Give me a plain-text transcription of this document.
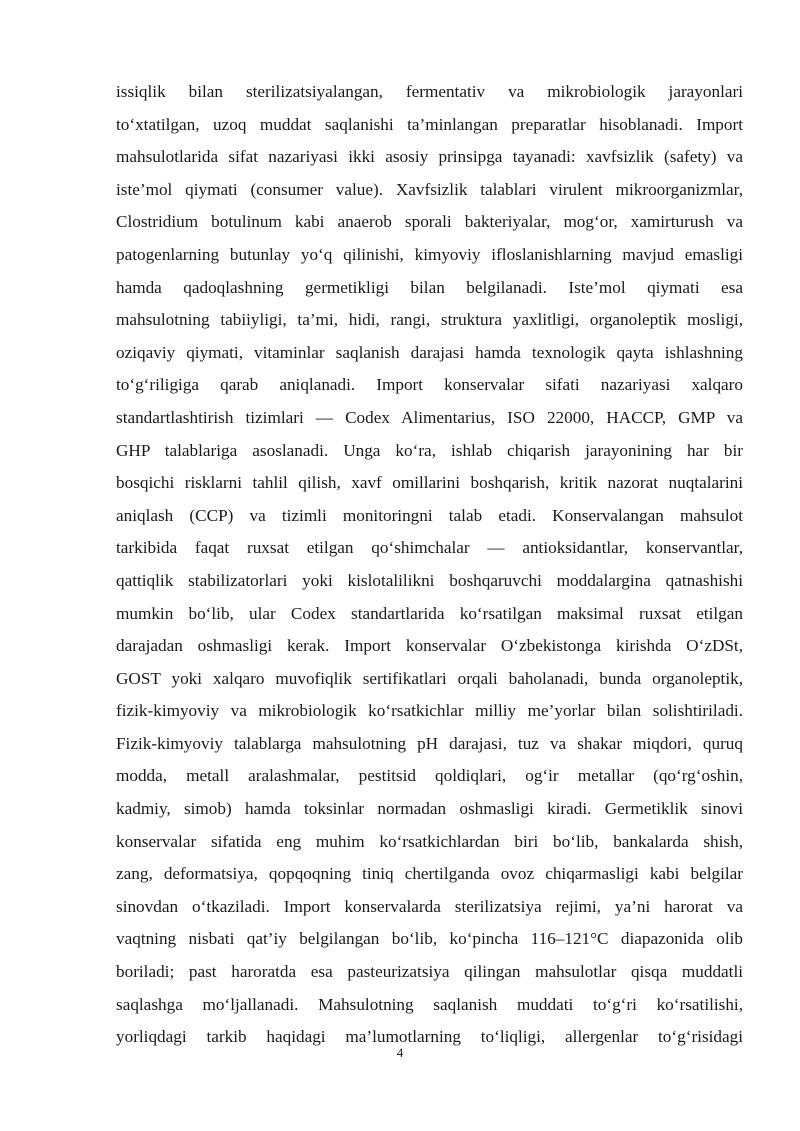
issiqlik bilan sterilizatsiyalangan, fermentativ va mikrobiologik jarayonlari
to‘xtatilgan, uzoq muddat saqlanishi ta’minlangan preparatlar hisoblanadi. Import
mahsulotlarida sifat nazariyasi ikki asosiy prinsipga tayanadi: xavfsizlik (safety) va
iste’mol qiymati (consumer value). Xavfsizlik talablari virulent mikroorganizmlar,
Clostridium botulinum kabi anaerob sporali bakteriyalar, mog‘or, xamirturush va
patogenlarning butunlay yo‘q qilinishi, kimyoviy ifloslanishlarning mavjud emasligi
hamda qadoqlashning germetikligi bilan belgilanadi. Iste’mol qiymati esa
mahsulotning tabiiyligi, ta’mi, hidi, rangi, struktura yaxlitligi, organoleptik mosligi,
oziqaviy qiymati, vitaminlar saqlanish darajasi hamda texnologik qayta ishlashning
to‘g‘riligiga qarab aniqlanadi. Import konservalar sifati nazariyasi xalqaro
standartlashtirish tizimlari — Codex Alimentarius, ISO 22000, HACCP, GMP va
GHP talablariga asoslanadi. Unga ko‘ra, ishlab chiqarish jarayonining har bir
bosqichi risklarni tahlil qilish, xavf omillarini boshqarish, kritik nazorat nuqtalarini
aniqlash (CCP) va tizimli monitoringni talab etadi. Konservalangan mahsulot
tarkibida faqat ruxsat etilgan qo‘shimchalar — antioksidantlar, konservantlar,
qattiqlik stabilizatorlari yoki kislotalilikni boshqaruvchi moddalargina qatnashishi
mumkin bo‘lib, ular Codex standartlarida ko‘rsatilgan maksimal ruxsat etilgan
darajadan oshmasligi kerak. Import konservalar O‘zbekistonga kirishda O‘zDSt,
GOST yoki xalqaro muvofiqlik sertifikatlari orqali baholanadi, bunda organoleptik,
fizik-kimyoviy va mikrobiologik ko‘rsatkichlar milliy me’yorlar bilan solishtiriladi.
Fizik-kimyoviy talablarga mahsulotning pH darajasi, tuz va shakar miqdori, quruq
modda, metall aralashmalar, pestitsid qoldiqlari, og‘ir metallar (qo‘rg‘oshin,
kadmiy, simob) hamda toksinlar normadan oshmasligi kiradi. Germetiklik sinovi
konservalar sifatida eng muhim ko‘rsatkichlardan biri bo‘lib, bankalarda shish,
zang, deformatsiya, qopqoqning tiniq chertilganda ovoz chiqarmasligi kabi belgilar
sinovdan o‘tkaziladi. Import konservalarda sterilizatsiya rejimi, ya’ni harorat va
vaqtning nisbati qat’iy belgilangan bo‘lib, ko‘pincha 116–121°C diapazonida olib
boriladi; past haroratda esa pasteurizatsiya qilingan mahsulotlar qisqa muddatli
saqlashga mo‘ljallanadi. Mahsulotning saqlanish muddati to‘g‘ri ko‘rsatilishi,
yorliqdagi tarkib haqidagi ma’lumotlarning to‘liqligi, allergenlar to‘g‘risidagi
4
